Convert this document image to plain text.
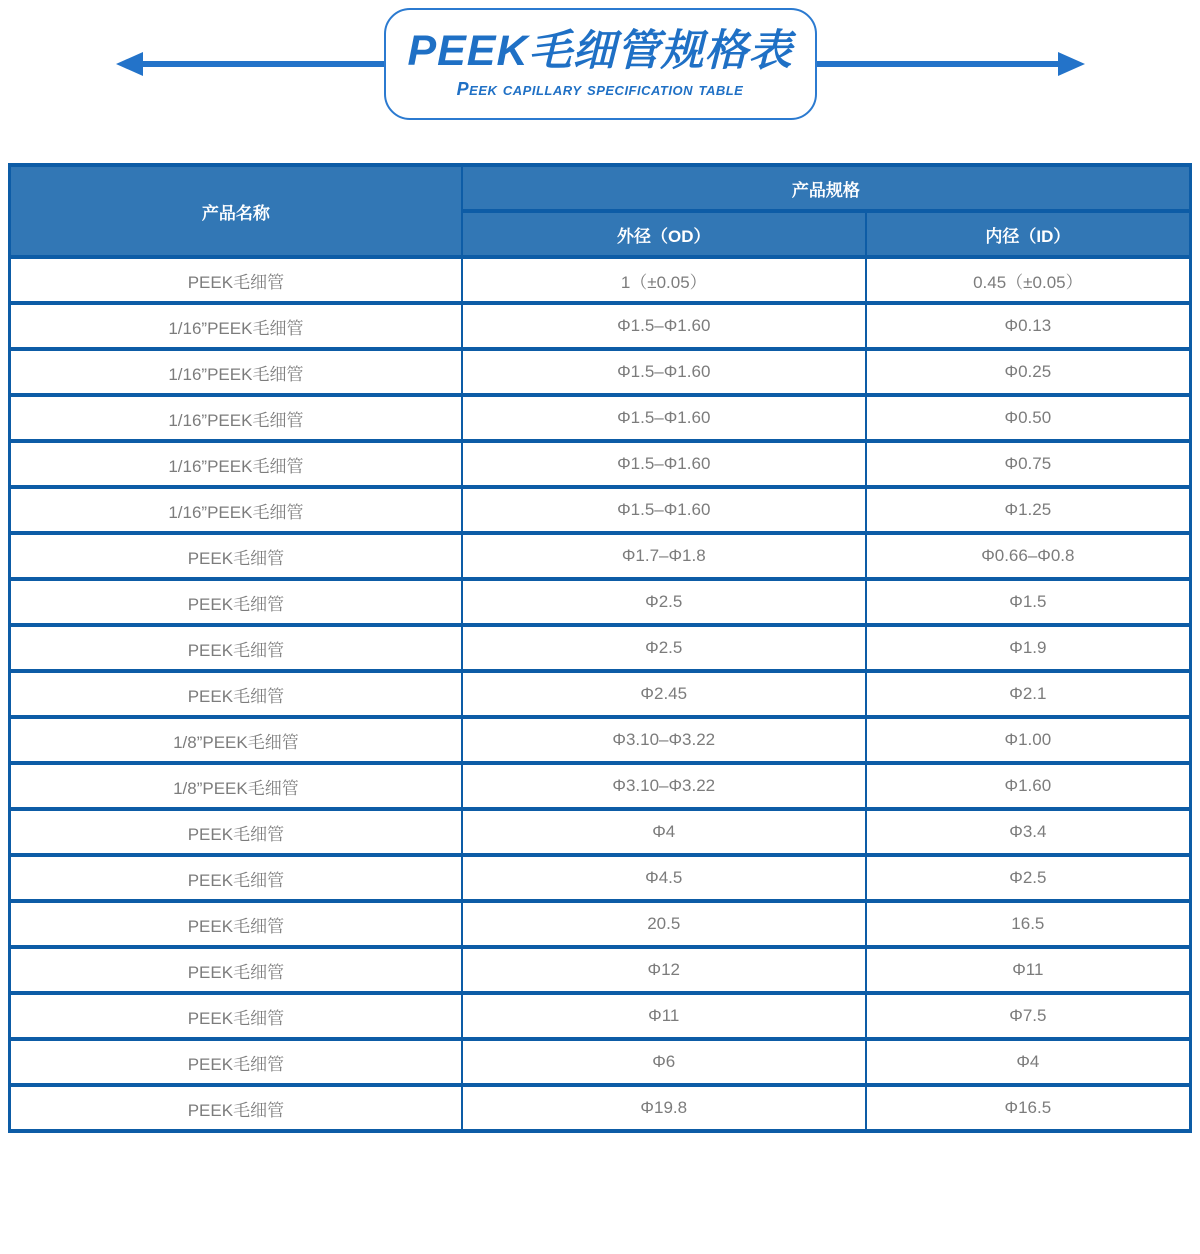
PEEK毛细管规格表
Peek capillary specification table
产品名称	产品规格	
	外径（OD）	内径（ID）
PEEK毛细管	1（±0.05）	0.45（±0.05）
1/16”PEEK毛细管	Φ1.5–Φ1.60	Φ0.13
1/16”PEEK毛细管	Φ1.5–Φ1.60	Φ0.25
1/16”PEEK毛细管	Φ1.5–Φ1.60	Φ0.50
1/16”PEEK毛细管	Φ1.5–Φ1.60	Φ0.75
1/16”PEEK毛细管	Φ1.5–Φ1.60	Φ1.25
PEEK毛细管	Φ1.7–Φ1.8	Φ0.66–Φ0.8
PEEK毛细管	Φ2.5	Φ1.5
PEEK毛细管	Φ2.5	Φ1.9
PEEK毛细管	Φ2.45	Φ2.1
1/8”PEEK毛细管	Φ3.10–Φ3.22	Φ1.00
1/8”PEEK毛细管	Φ3.10–Φ3.22	Φ1.60
PEEK毛细管	Φ4	Φ3.4
PEEK毛细管	Φ4.5	Φ2.5
PEEK毛细管	20.5	16.5
PEEK毛细管	Φ12	Φ11
PEEK毛细管	Φ11	Φ7.5
PEEK毛细管	Φ6	Φ4
PEEK毛细管	Φ19.8	Φ16.5
